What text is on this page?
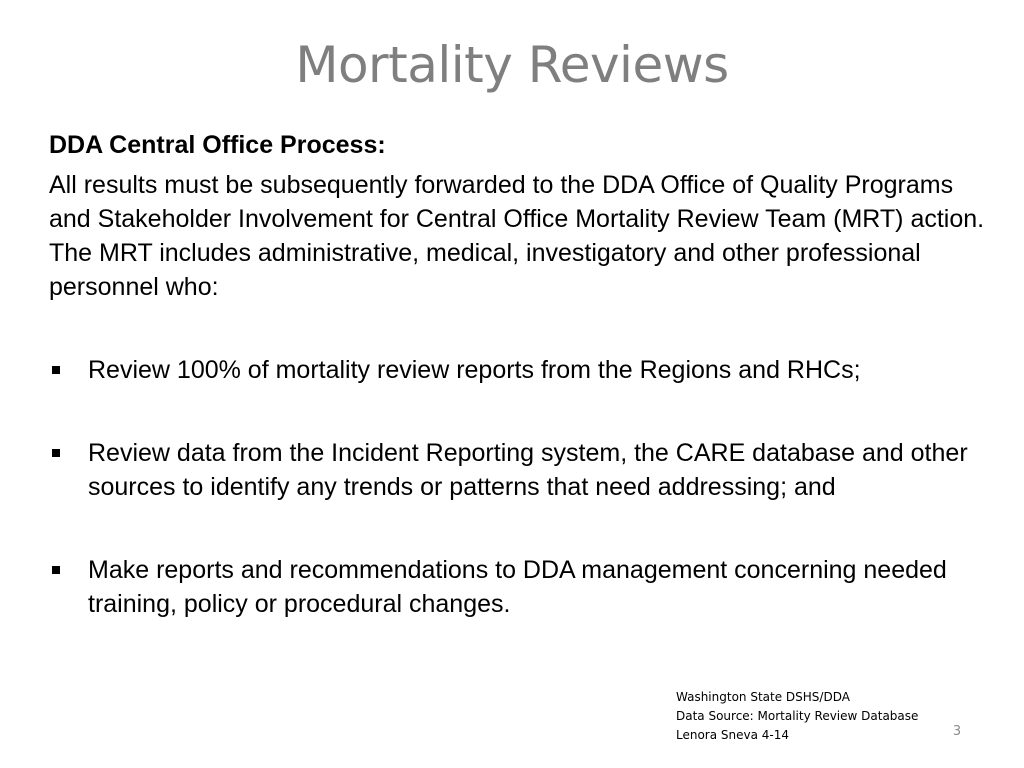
Mortality Reviews

DDA Central Office Process:

All results must be subsequently forwarded to the DDA Office of Quality Programs and Stakeholder Involvement for Central Office Mortality Review Team (MRT) action. The MRT includes administrative, medical, investigatory and other professional personnel who:

Review 100% of mortality review reports from the Regions and RHCs;
Review data from the Incident Reporting system, the CARE database and other sources to identify any trends or patterns that need addressing; and
Make reports and recommendations to DDA management concerning needed training, policy or procedural changes.
Washington State DSHS/DDA
Data Source: Mortality Review Database
Lenora Sneva 4-14	3
